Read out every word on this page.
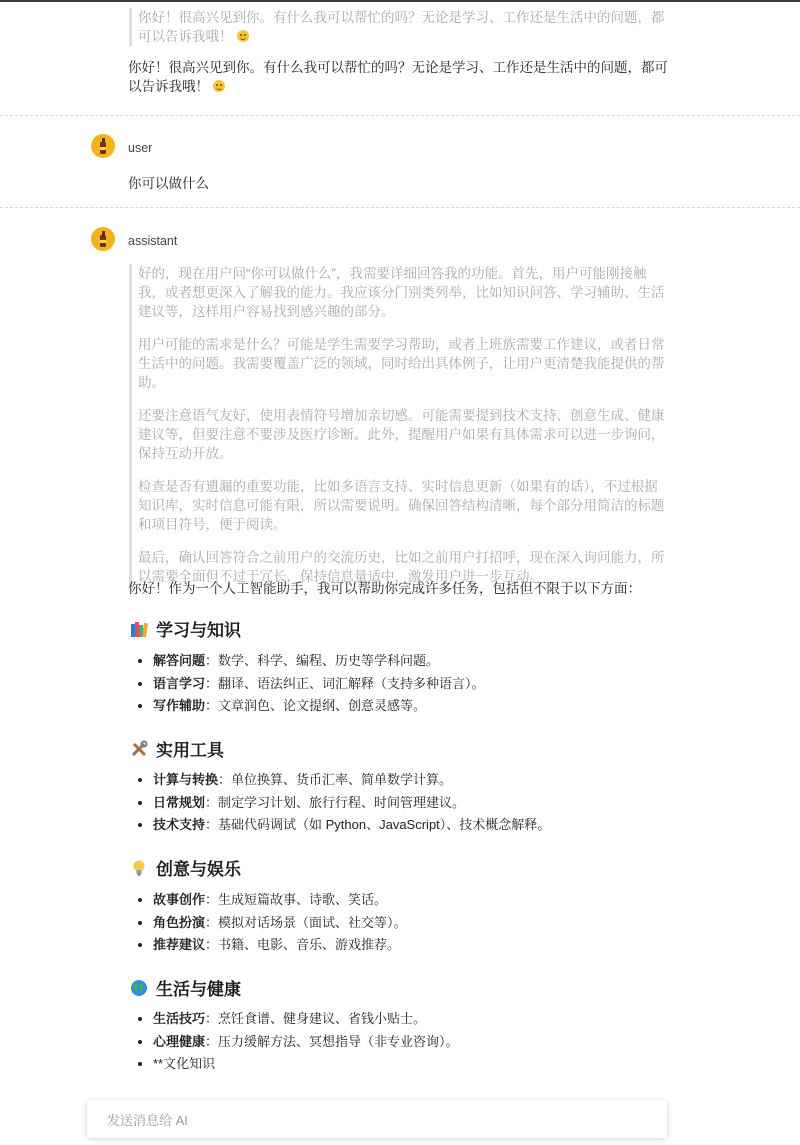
你好！很高兴见到你。有什么我可以帮忙的吗？无论是学习、工作还是生活中的问题，都可以告诉我哦！

你好！很高兴见到你。有什么我可以帮忙的吗？无论是学习、工作还是生活中的问题，都可以告诉我哦！
user
你可以做什么
assistant

好的，现在用户问“你可以做什么”，我需要详细回答我的功能。首先，用户可能刚接触我，或者想更深入了解我的能力。我应该分门别类列举，比如知识问答、学习辅助、生活建议等，这样用户容易找到感兴趣的部分。

用户可能的需求是什么？可能是学生需要学习帮助，或者上班族需要工作建议，或者日常生活中的问题。我需要覆盖广泛的领域，同时给出具体例子，让用户更清楚我能提供的帮助。

还要注意语气友好，使用表情符号增加亲切感。可能需要提到技术支持、创意生成、健康建议等，但要注意不要涉及医疗诊断。此外，提醒用户如果有具体需求可以进一步询问，保持互动开放。

检查是否有遗漏的重要功能，比如多语言支持、实时信息更新（如果有的话），不过根据知识库，实时信息可能有限，所以需要说明。确保回答结构清晰，每个部分用简洁的标题和项目符号，便于阅读。

最后，确认回答符合之前用户的交流历史，比如之前用户打招呼，现在深入询问能力，所以需要全面但不过于冗长，保持信息量适中，激发用户进一步互动。

你好！作为一个人工智能助手，我可以帮助你完成许多任务，包括但不限于以下方面：
学习与知识
• 解答问题：数学、科学、编程、历史等学科问题。
• 语言学习：翻译、语法纠正、词汇解释（支持多种语言）。
• 写作辅助：文章润色、论文提纲、创意灵感等。
实用工具
• 计算与转换：单位换算、货币汇率、简单数学计算。
• 日常规划：制定学习计划、旅行行程、时间管理建议。
• 技术支持：基础代码调试（如 Python、JavaScript）、技术概念解释。
创意与娱乐
• 故事创作：生成短篇故事、诗歌、笑话。
• 角色扮演：模拟对话场景（面试、社交等）。
• 推荐建议：书籍、电影、音乐、游戏推荐。
生活与健康
• 生活技巧：烹饪食谱、健身建议、省钱小贴士。
• 心理健康：压力缓解方法、冥想指导（非专业咨询）。
• **文化知识
发送消息给 AI
